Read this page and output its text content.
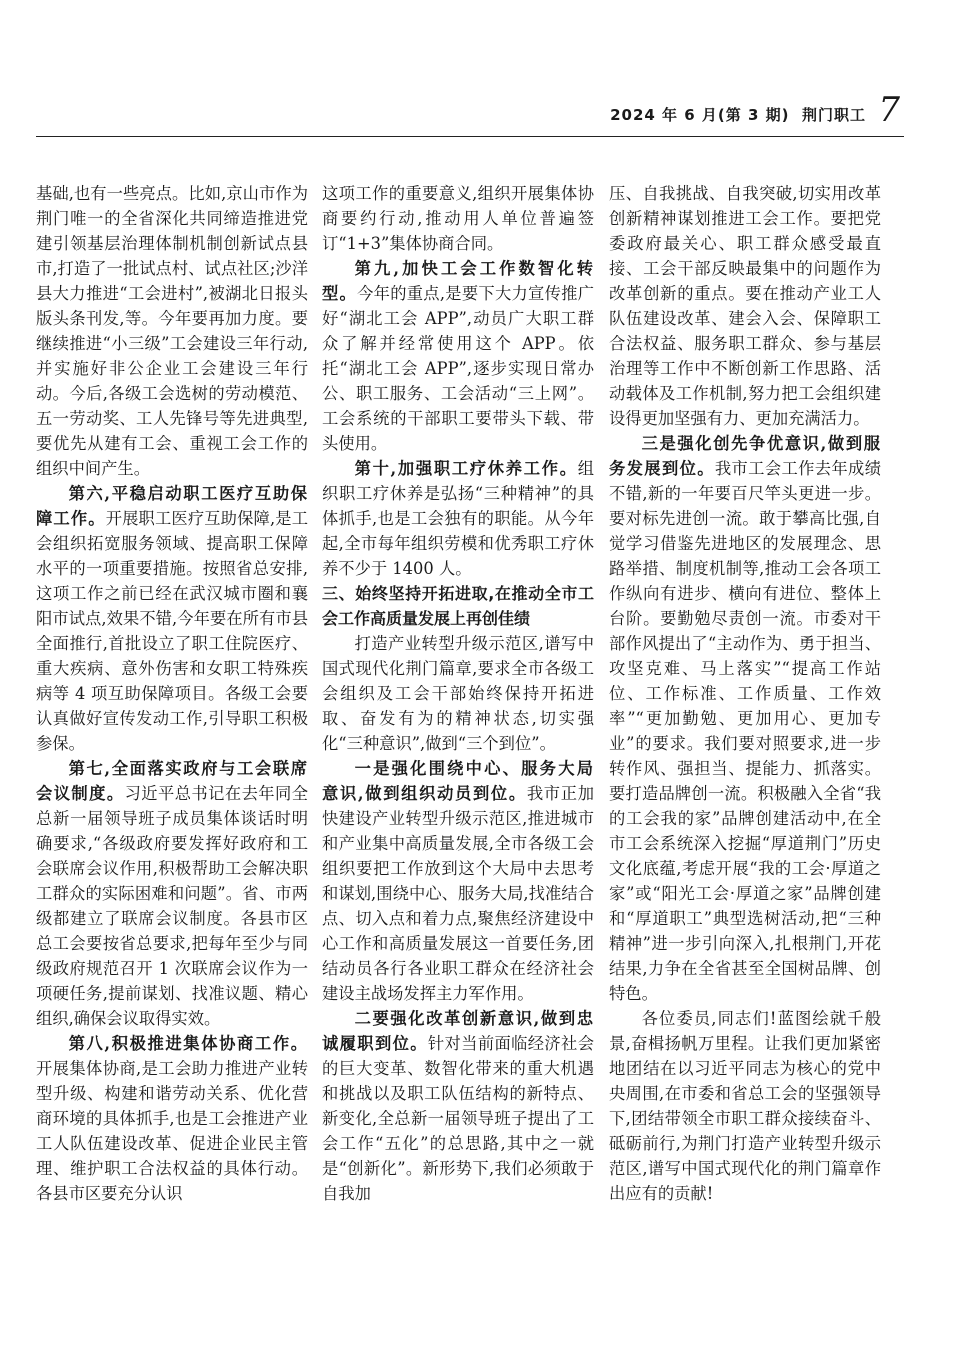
2024 年 6 月(第 3 期) 荆门职工 7

基础,也有一些亮点。比如,京山市作为荆门唯一的全省深化共同缔造推进党建引领基层治理体制机制创新试点县市,打造了一批试点村、试点社区;沙洋县大力推进“工会进村”,被湖北日报头版头条刊发,等。今年要再加力度。要继续推进“小三级”工会建设三年行动,并实施好非公企业工会建设三年行动。今后,各级工会选树的劳动模范、五一劳动奖、工人先锋号等先进典型,要优先从建有工会、重视工会工作的组织中间产生。

第六,平稳启动职工医疗互助保障工作。开展职工医疗互助保障,是工会组织拓宽服务领域、提高职工保障水平的一项重要措施。按照省总安排,这项工作之前已经在武汉城市圈和襄阳市试点,效果不错,今年要在所有市县全面推行,首批设立了职工住院医疗、重大疾病、意外伤害和女职工特殊疾病等 4 项互助保障项目。各级工会要认真做好宣传发动工作,引导职工积极参保。

第七,全面落实政府与工会联席会议制度。习近平总书记在去年同全总新一届领导班子成员集体谈话时明确要求,“各级政府要发挥好政府和工会联席会议作用,积极帮助工会解决职工群众的实际困难和问题”。省、市两级都建立了联席会议制度。各县市区总工会要按省总要求,把每年至少与同级政府规范召开 1 次联席会议作为一项硬任务,提前谋划、找准议题、精心组织,确保会议取得实效。

第八,积极推进集体协商工作。开展集体协商,是工会助力推进产业转型升级、构建和谐劳动关系、优化营商环境的具体抓手,也是工会推进产业工人队伍建设改革、促进企业民主管理、维护职工合法权益的具体行动。各县市区要充分认识

这项工作的重要意义,组织开展集体协商要约行动,推动用人单位普遍签订“1+3”集体协商合同。

第九,加快工会工作数智化转型。今年的重点,是要下大力宣传推广好“湖北工会 APP”,动员广大职工群众了解并经常使用这个 APP。依托“湖北工会 APP”,逐步实现日常办公、职工服务、工会活动“三上网”。工会系统的干部职工要带头下载、带头使用。

第十,加强职工疗休养工作。组织职工疗休养是弘扬“三种精神”的具体抓手,也是工会独有的职能。从今年起,全市每年组织劳模和优秀职工疗休养不少于 1400 人。

三、始终坚持开拓进取,在推动全市工会工作高质量发展上再创佳绩

打造产业转型升级示范区,谱写中国式现代化荆门篇章,要求全市各级工会组织及工会干部始终保持开拓进取、奋发有为的精神状态,切实强化“三种意识”,做到“三个到位”。

一是强化围绕中心、服务大局意识,做到组织动员到位。我市正加快建设产业转型升级示范区,推进城市和产业集中高质量发展,全市各级工会组织要把工作放到这个大局中去思考和谋划,围绕中心、服务大局,找准结合点、切入点和着力点,聚焦经济建设中心工作和高质量发展这一首要任务,团结动员各行各业职工群众在经济社会建设主战场发挥主力军作用。

二要强化改革创新意识,做到忠诚履职到位。针对当前面临经济社会的巨大变革、数智化带来的重大机遇和挑战以及职工队伍结构的新特点、新变化,全总新一届领导班子提出了工会工作“五化”的总思路,其中之一就是“创新化”。新形势下,我们必须敢于自我加

压、自我挑战、自我突破,切实用改革创新精神谋划推进工会工作。要把党委政府最关心、职工群众感受最直接、工会干部反映最集中的问题作为改革创新的重点。要在推动产业工人队伍建设改革、建会入会、保障职工合法权益、服务职工群众、参与基层治理等工作中不断创新工作思路、活动载体及工作机制,努力把工会组织建设得更加坚强有力、更加充满活力。

三是强化创先争优意识,做到服务发展到位。我市工会工作去年成绩不错,新的一年要百尺竿头更进一步。要对标先进创一流。敢于攀高比强,自觉学习借鉴先进地区的发展理念、思路举措、制度机制等,推动工会各项工作纵向有进步、横向有进位、整体上台阶。要勤勉尽责创一流。市委对干部作风提出了“主动作为、勇于担当、攻坚克难、马上落实”“提高工作站位、工作标准、工作质量、工作效率”“更加勤勉、更加用心、更加专业”的要求。我们要对照要求,进一步转作风、强担当、提能力、抓落实。要打造品牌创一流。积极融入全省“我的工会我的家”品牌创建活动中,在全市工会系统深入挖掘“厚道荆门”历史文化底蕴,考虑开展“我的工会·厚道之家”或“阳光工会·厚道之家”品牌创建和“厚道职工”典型选树活动,把“三种精神”进一步引向深入,扎根荆门,开花结果,力争在全省甚至全国树品牌、创特色。

各位委员,同志们!蓝图绘就千般景,奋楫扬帆万里程。让我们更加紧密地团结在以习近平同志为核心的党中央周围,在市委和省总工会的坚强领导下,团结带领全市职工群众接续奋斗、砥砺前行,为荆门打造产业转型升级示范区,谱写中国式现代化的荆门篇章作出应有的贡献!
